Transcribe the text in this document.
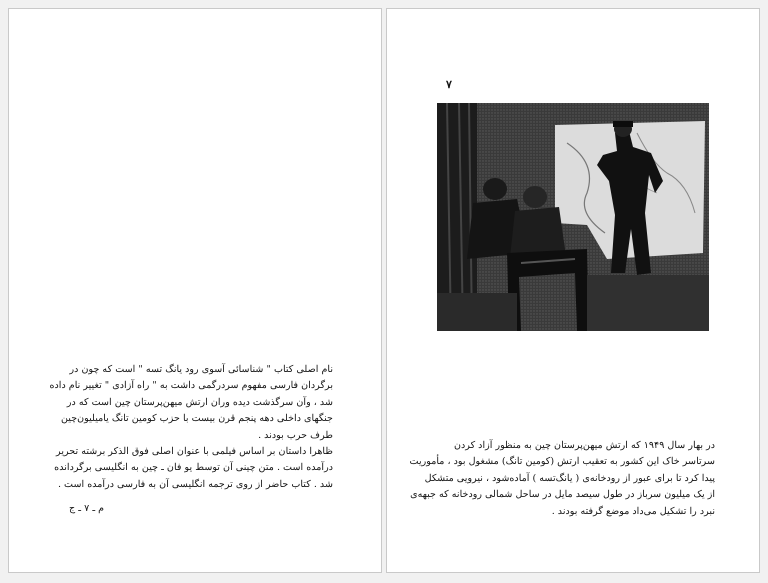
نام اصلی کتاب " شناسائی آسوی رود یانگ تسه " است که چون در
برگردان فارسی مفهوم سردرگمی داشت به " راه آزادی " تغییر نام داده
شد ، وآن سرگذشت دیده وران ارتش میهن‌پرستان چین است که در
جنگهای داخلی دهه پنجم قرن بیست با حزب کومین تانگ یامیلیون‌چین
طرف حرب بودند .
ظاهرا داستان بر اساس فیلمی با عنوان اصلی فوق الذکر برشته تحریر
درآمده است . متن چینی آن توسط یو فان ـ چین به انگلیسی برگردانده
شد . کتاب حاضر از روی ترجمه انگلیسی آن به فارسی درآمده است .
م ـ ۷ ـ ج
۷
در بهار سال ۱۹۴۹ که ارتش میهن‌پرستان چین به منظور آزاد کردن
سرتاسر خاک این کشور به تعقیب ارتش (کومین تانگ) مشغول بود ، مأموریت
پیدا کرد تا برای عبور از رودخانه‌ی ( یانگ‌تسه ) آماده‌شود ، نیرویی متشکل
از یک میلیون سرباز در طول سیصد مایل در ساحل شمالی رودخانه که جبهه‌ی
نبرد را تشکیل می‌داد موضع گرفته بودند .
